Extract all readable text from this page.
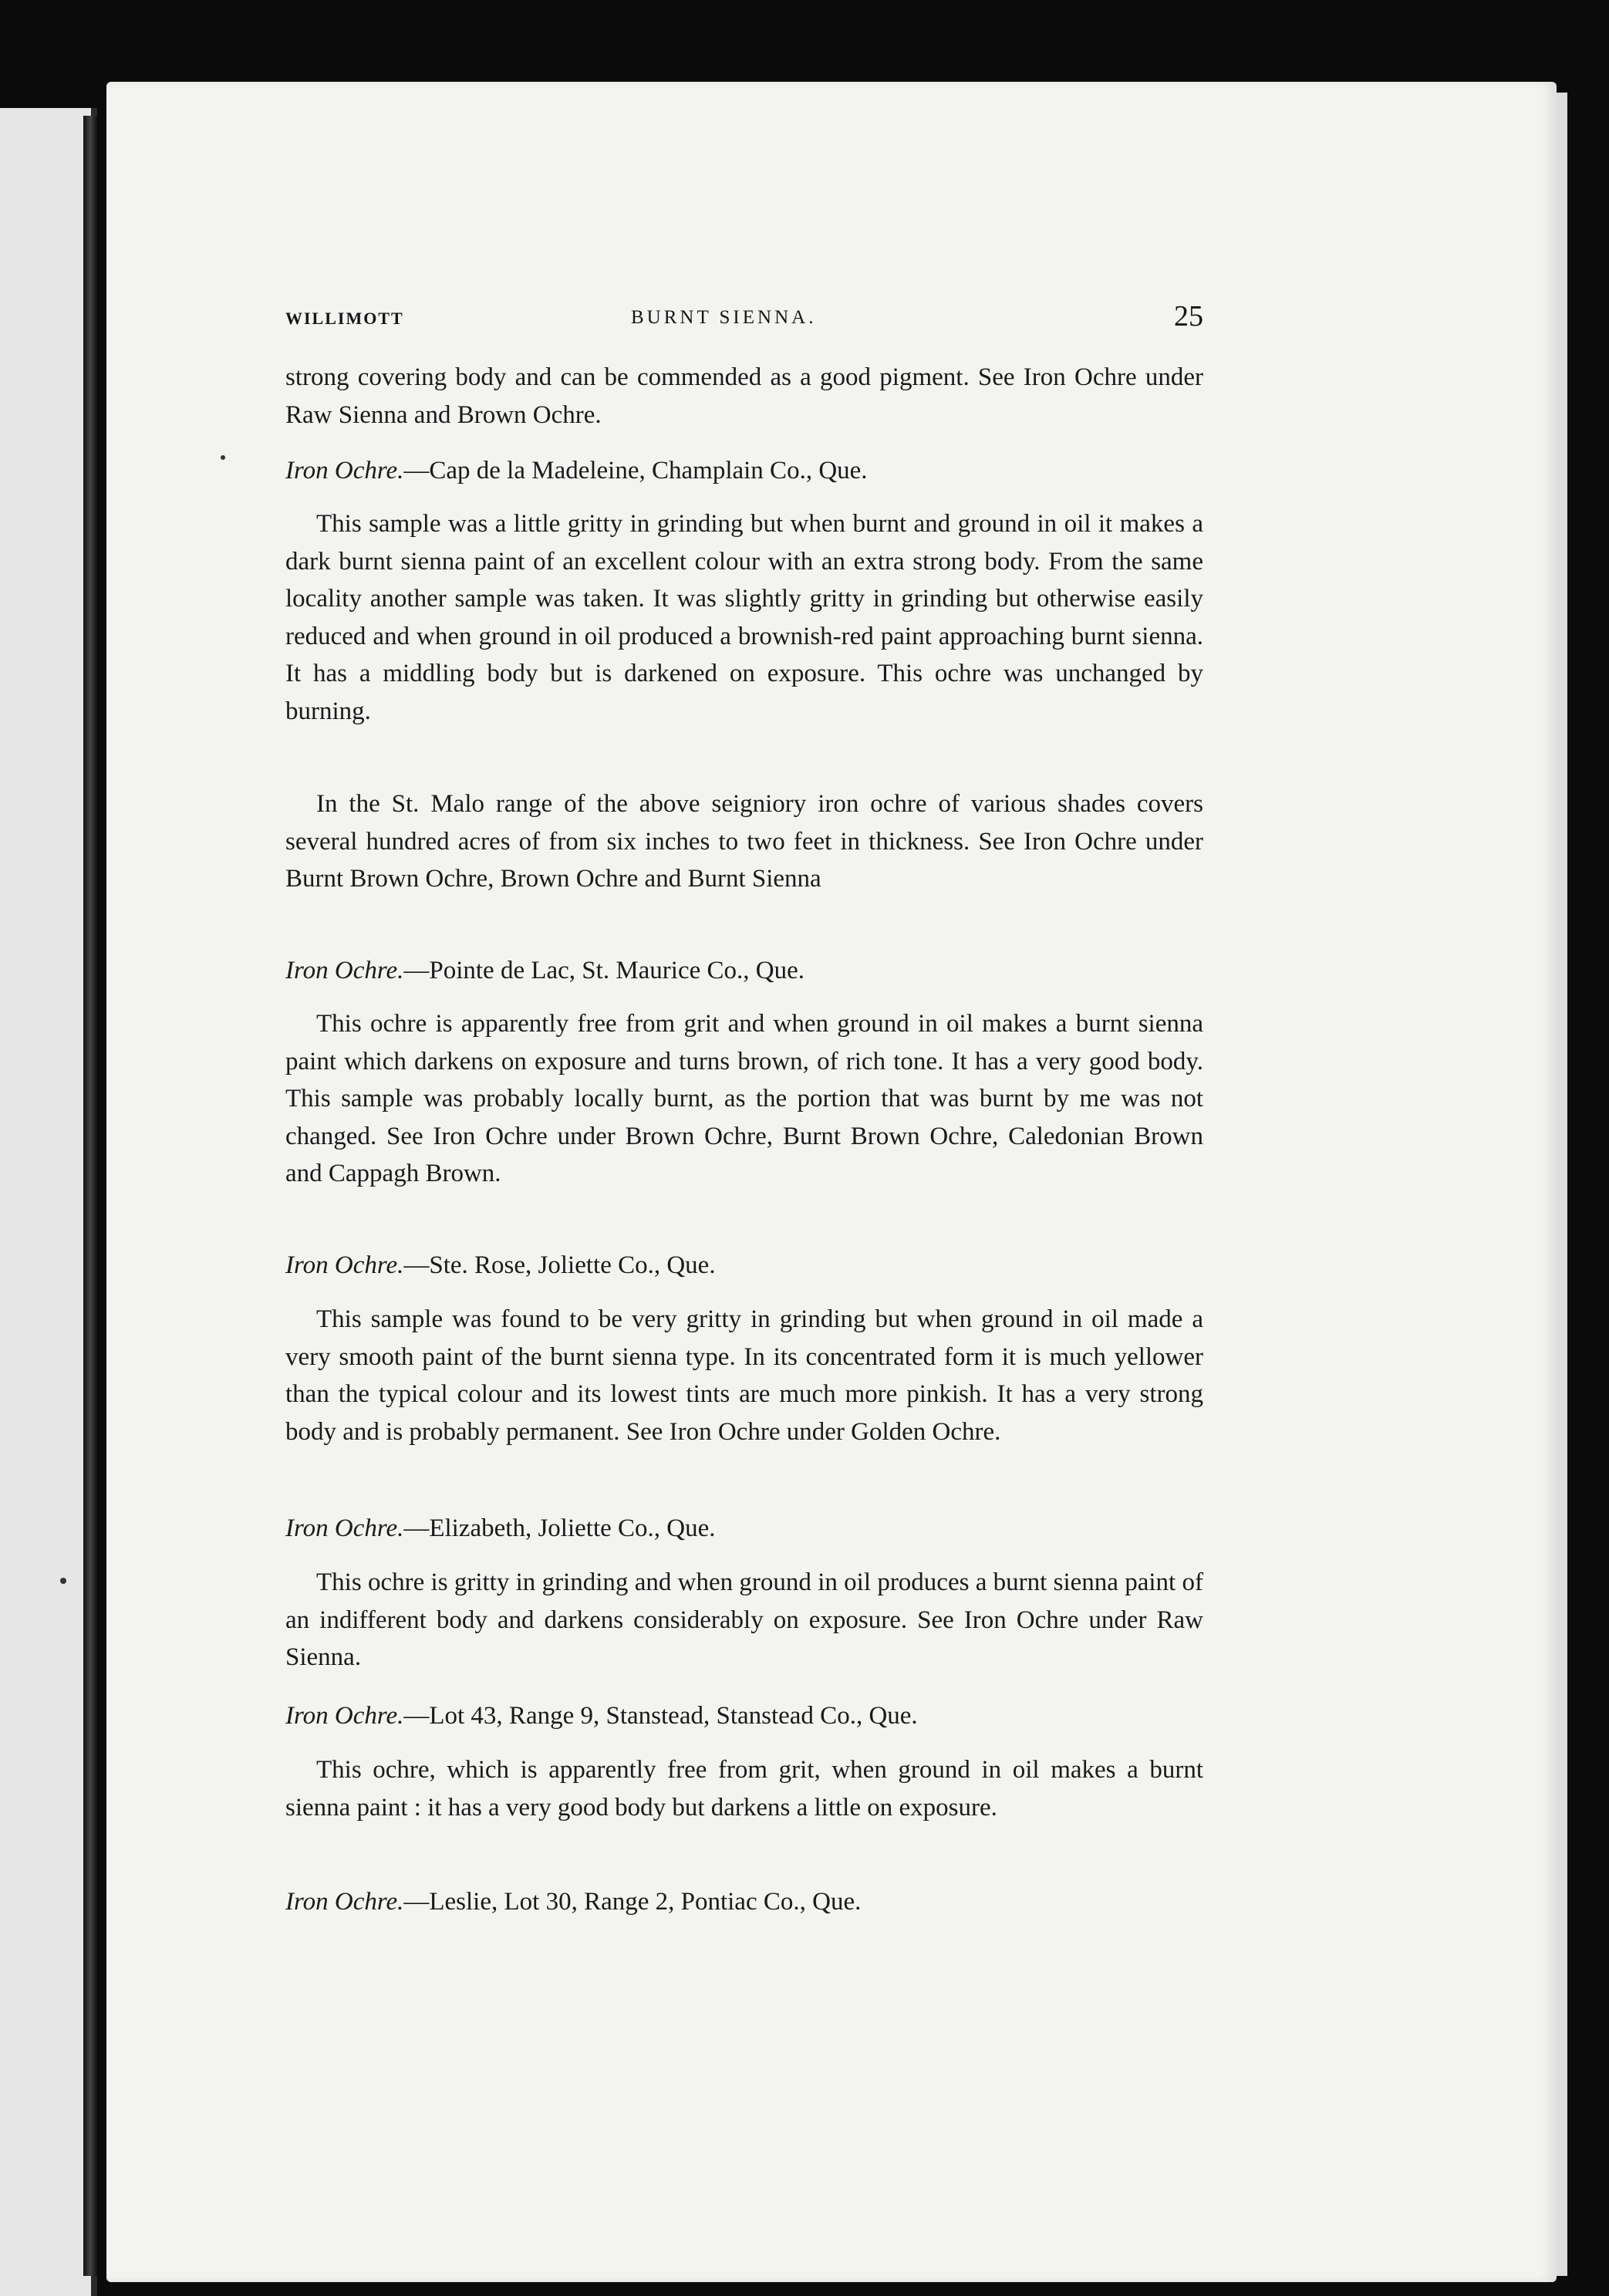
WILLIMOTT	BURNT SIENNA.	25

strong covering body and can be commended as a good pigment. See Iron Ochre under Raw Sienna and Brown Ochre.

Iron Ochre.—Cap de la Madeleine, Champlain Co., Que.

This sample was a little gritty in grinding but when burnt and ground in oil it makes a dark burnt sienna paint of an excellent colour with an extra strong body. From the same locality another sample was taken. It was slightly gritty in grinding but otherwise easily reduced and when ground in oil produced a brownish-red paint approaching burnt sienna. It has a middling body but is darkened on exposure. This ochre was unchanged by burning.

In the St. Malo range of the above seigniory iron ochre of various shades covers several hundred acres of from six inches to two feet in thickness. See Iron Ochre under Burnt Brown Ochre, Brown Ochre and Burnt Sienna

Iron Ochre.—Pointe de Lac, St. Maurice Co., Que.

This ochre is apparently free from grit and when ground in oil makes a burnt sienna paint which darkens on exposure and turns brown, of rich tone. It has a very good body. This sample was probably locally burnt, as the portion that was burnt by me was not changed. See Iron Ochre under Brown Ochre, Burnt Brown Ochre, Caledonian Brown and Cappagh Brown.

Iron Ochre.—Ste. Rose, Joliette Co., Que.

This sample was found to be very gritty in grinding but when ground in oil made a very smooth paint of the burnt sienna type. In its concentrated form it is much yellower than the typical colour and its lowest tints are much more pinkish. It has a very strong body and is probably permanent. See Iron Ochre under Golden Ochre.

Iron Ochre.—Elizabeth, Joliette Co., Que.

This ochre is gritty in grinding and when ground in oil produces a burnt sienna paint of an indifferent body and darkens considerably on exposure. See Iron Ochre under Raw Sienna.

Iron Ochre.—Lot 43, Range 9, Stanstead, Stanstead Co., Que.

This ochre, which is apparently free from grit, when ground in oil makes a burnt sienna paint : it has a very good body but darkens a little on exposure.

Iron Ochre.—Leslie, Lot 30, Range 2, Pontiac Co., Que.
